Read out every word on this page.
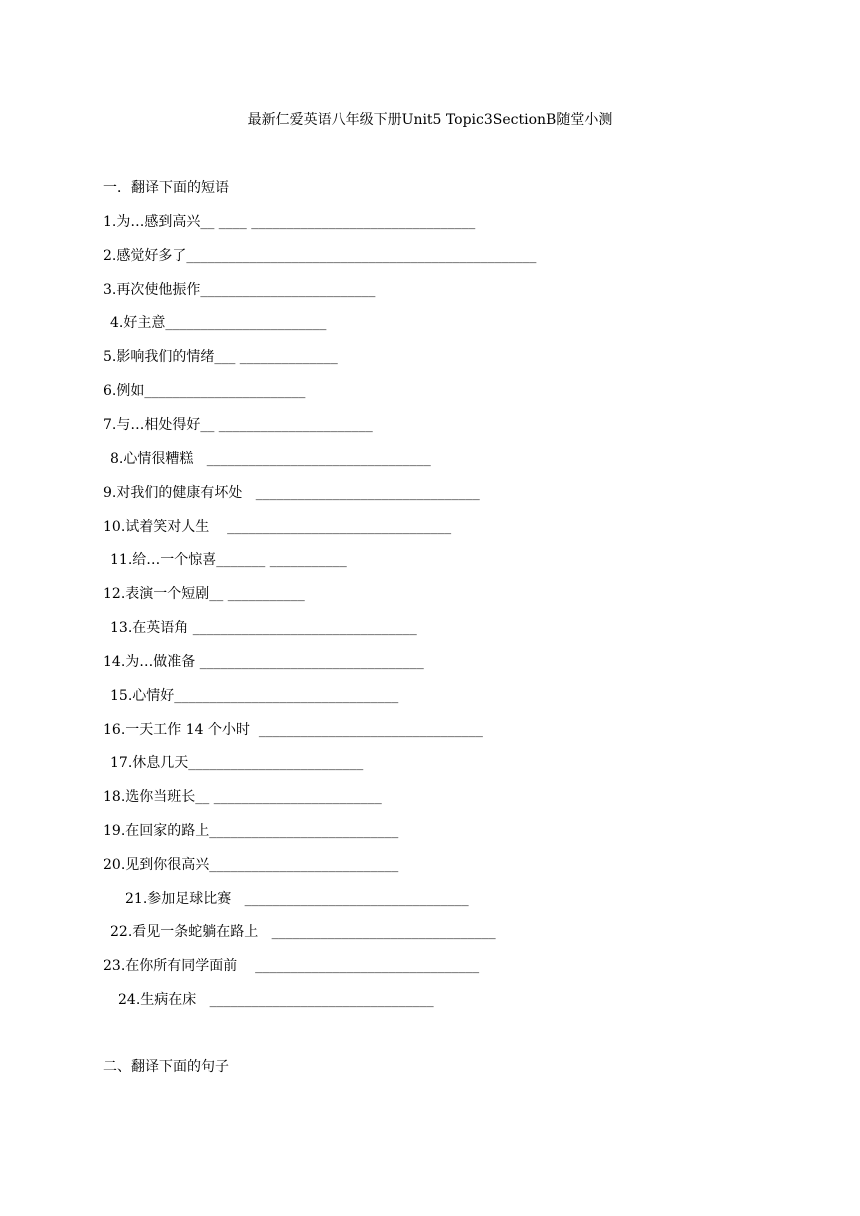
最新仁爱英语八年级下册Unit5 Topic3SectionB随堂小测
一．翻译下面的短语
1.为…感到高兴__ ____ ________________________________
2.感觉好多了__________________________________________________
3.再次使他振作_________________________
4.好主意_______________________
5.影响我们的情绪___ ______________
6.例如_______________________
7.与…相处得好__ ______________________
8.心情很糟糕   ________________________________
9.对我们的健康有坏处   ________________________________
10.试着笑对人生    ________________________________
11.给…一个惊喜_______ ___________
12.表演一个短剧__ ___________
13.在英语角 ________________________________
14.为…做准备 ________________________________
15.心情好________________________________
16.一天工作 14 个小时  ________________________________
17.休息几天_________________________
18.选你当班长__ ________________________
19.在回家的路上___________________________
20.见到你很高兴___________________________
21.参加足球比赛   ________________________________
22.看见一条蛇躺在路上   ________________________________
23.在你所有同学面前    ________________________________
24.生病在床   ________________________________
二、翻译下面的句子
